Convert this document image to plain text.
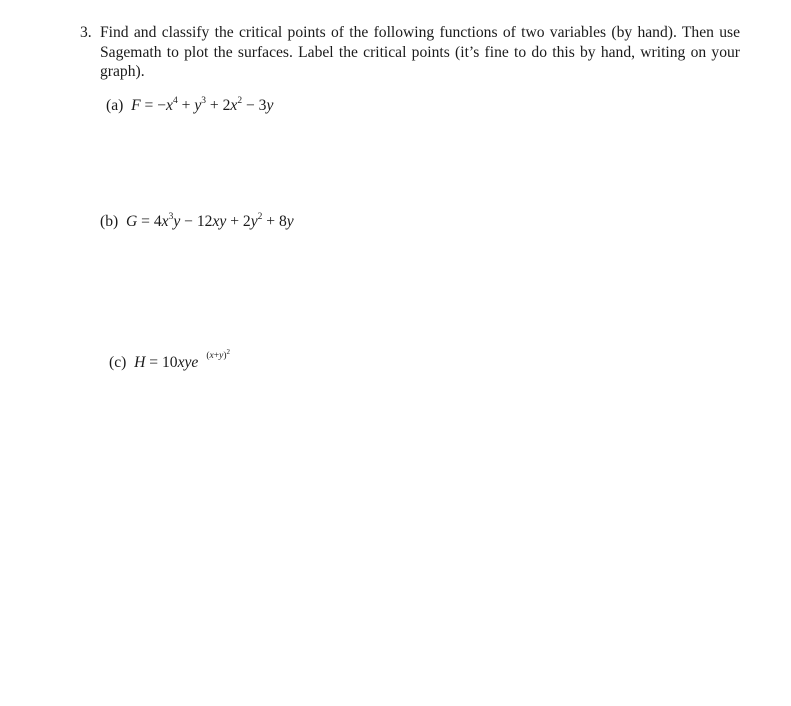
3. Find and classify the critical points of the following functions of two variables (by hand). Then use Sagemath to plot the surfaces. Label the critical points (it’s fine to do this by hand, writing on your graph).
(a) $F = -x^4 + y^3 + 2x^2 - 3y$
(b) $G = 4x^3y - 12xy + 2y^2 + 8y$
(c) H = 10xye $^{(x+y)^2}$
